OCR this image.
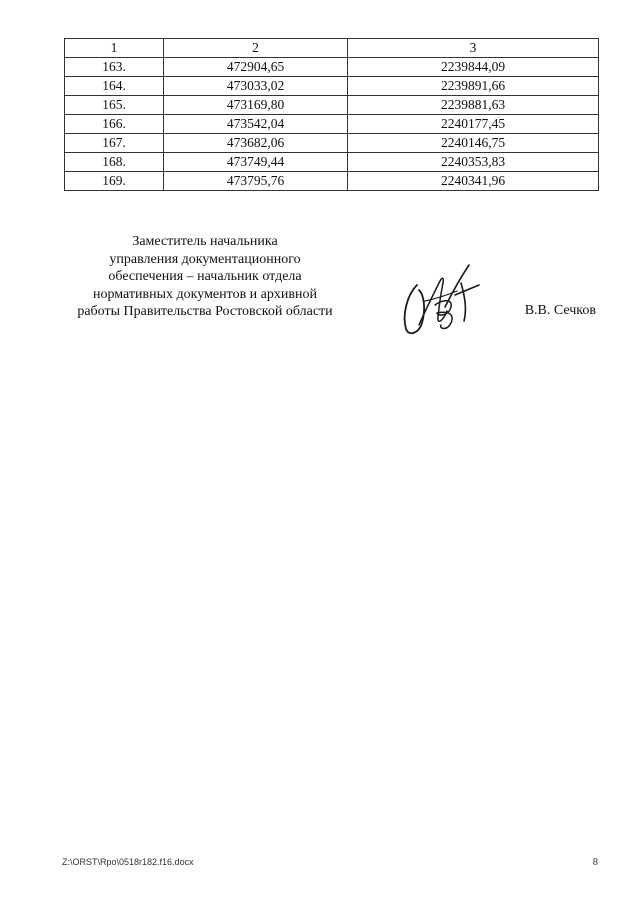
1	2	3
163.	472904,65	2239844,09
164.	473033,02	2239891,66
165.	473169,80	2239881,63
166.	473542,04	2240177,45
167.	473682,06	2240146,75
168.	473749,44	2240353,83
169.	473795,76	2240341,96
Заместитель начальника
управления документационного
обеспечения – начальник отдела
нормативных документов и архивной
работы Правительства Ростовской области	В.В. Сечков
Z:\ORST\Rpo\0518r182.f16.docx	8
